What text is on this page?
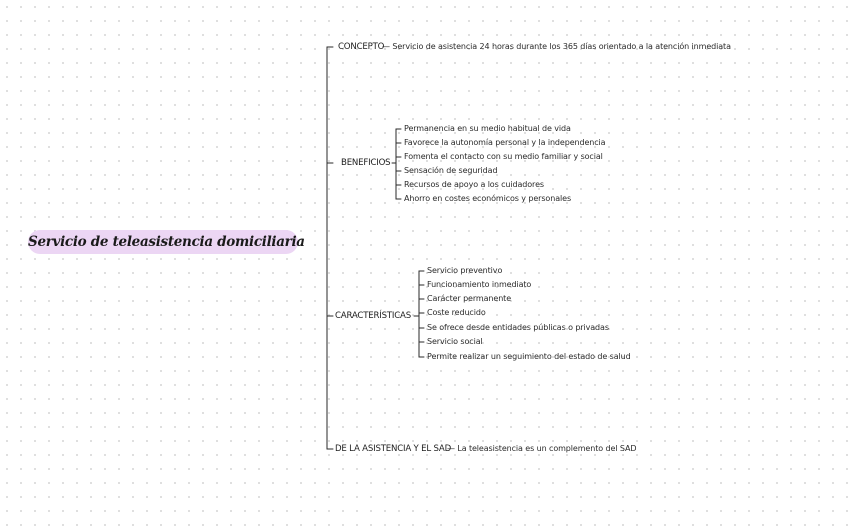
Servicio de teleasistencia domiciliaria
CONCEPTO
— Servicio de asistencia 24 horas durante los 365 días orientado a la atención inmediata
BENEFICIOS
Permanencia en su medio habitual de vida
Favorece la autonomía personal y la independencia
Fomenta el contacto con su medio familiar y social
Sensación de seguridad
Recursos de apoyo a los cuidadores
Ahorro en costes económicos y personales
CARACTERÍSTICAS
Servicio preventivo
Funcionamiento inmediato
Carácter permanente
Coste reducido
Se ofrece desde entidades públicas o privadas
Servicio social
Permite realizar un seguimiento del estado de salud
DE LA ASISTENCIA Y EL SAD
— La teleasistencia es un complemento del SAD
